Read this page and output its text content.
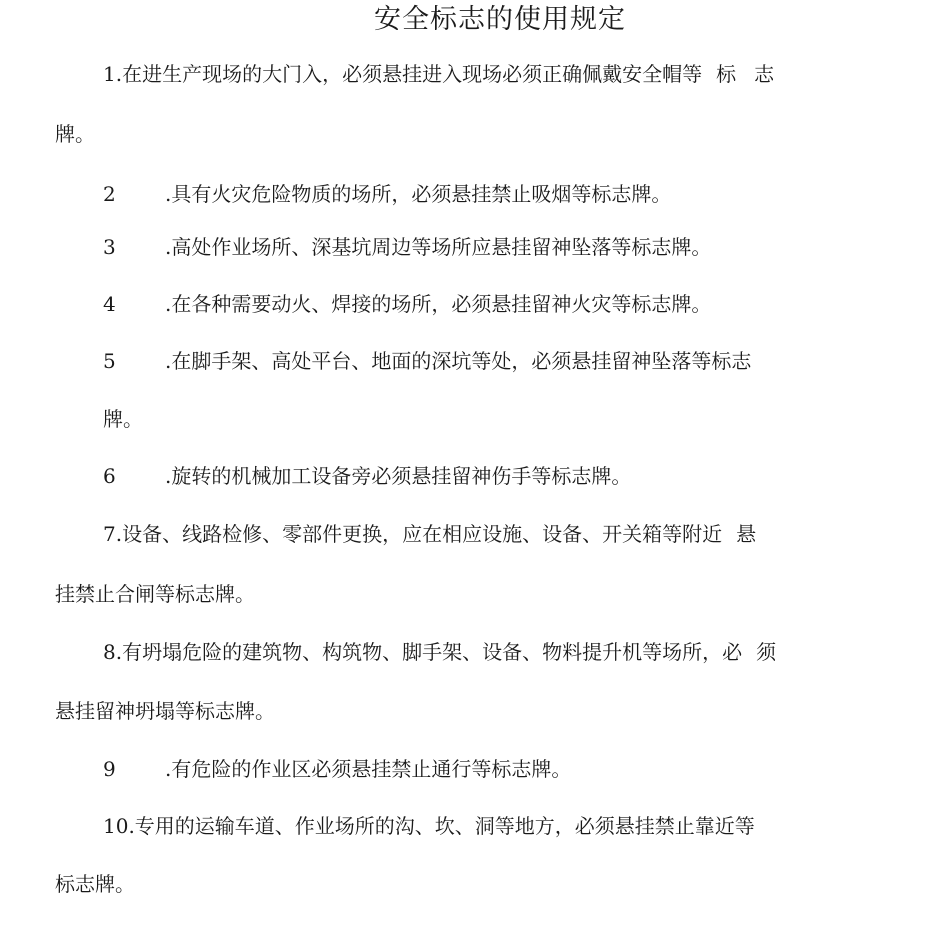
安全标志的使用规定
1.在进生产现场的大门入，必须悬挂进入现场必须正确佩戴安全帽等 标 志
牌。
2 .具有火灾危险物质的场所，必须悬挂禁止吸烟等标志牌。
3 .高处作业场所、深基坑周边等场所应悬挂留神坠落等标志牌。
4 .在各种需要动火、焊接的场所，必须悬挂留神火灾等标志牌。
5 .在脚手架、高处平台、地面的深坑等处，必须悬挂留神坠落等标志
牌。
6 .旋转的机械加工设备旁必须悬挂留神伤手等标志牌。
7.设备、线路检修、零部件更换，应在相应设施、设备、开关箱等附近 悬
挂禁止合闸等标志牌。
8.有坍塌危险的建筑物、构筑物、脚手架、设备、物料提升机等场所，必 须
悬挂留神坍塌等标志牌。
9 .有危险的作业区必须悬挂禁止通行等标志牌。
10.专用的运输车道、作业场所的沟、坎、洞等地方，必须悬挂禁止靠近等
标志牌。
